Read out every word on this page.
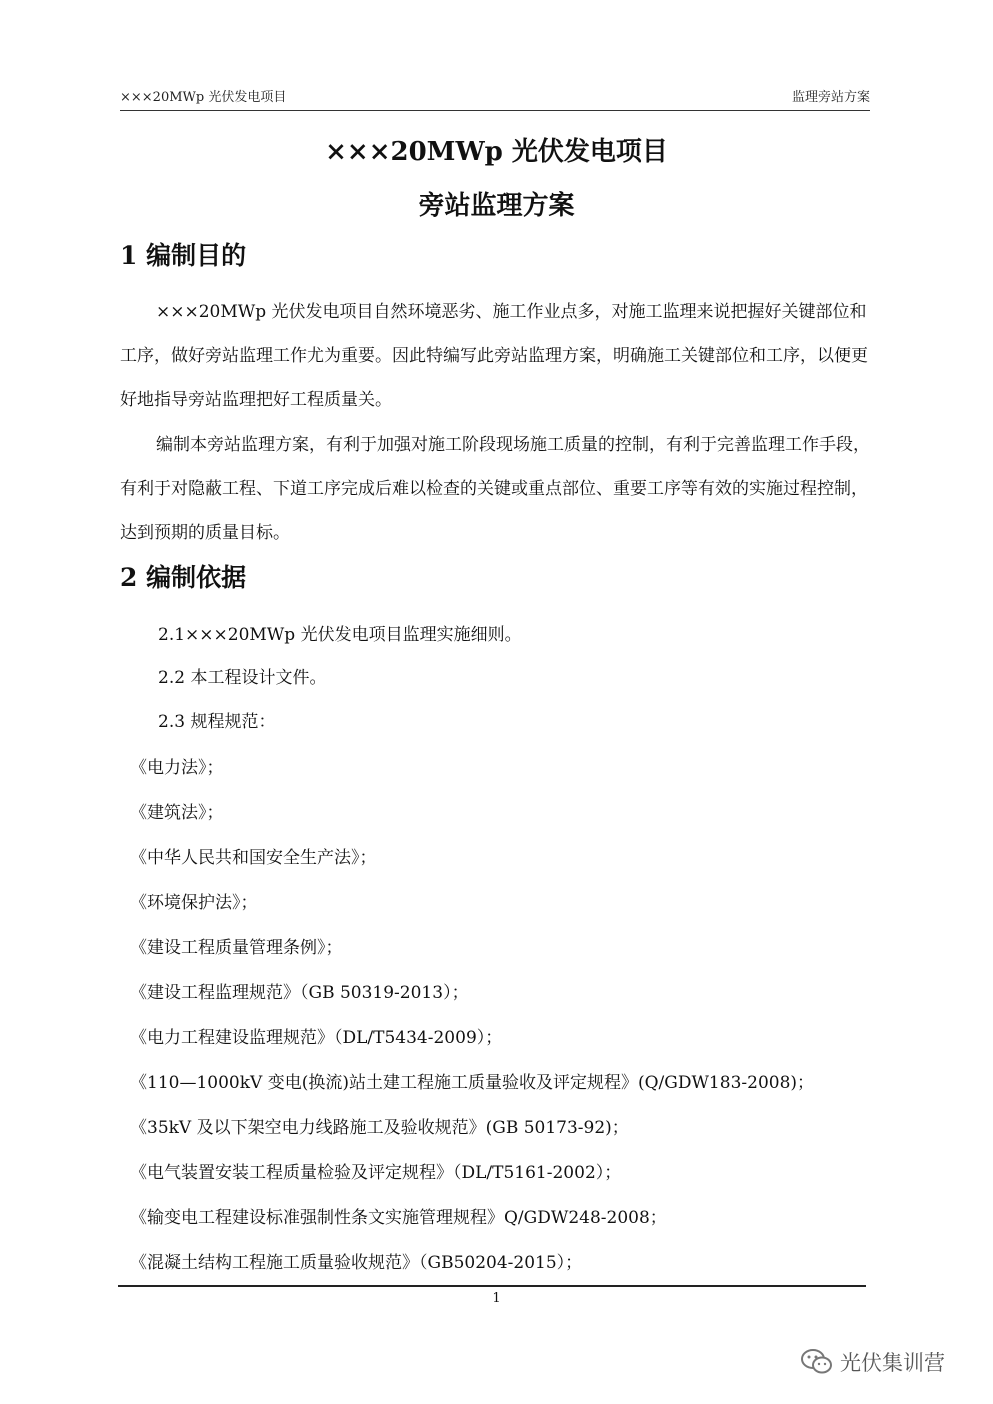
×××20MWp 光伏发电项目	监理旁站方案
×××20MWp 光伏发电项目
旁站监理方案
1 编制目的

×××20MWp 光伏发电项目自然环境恶劣、施工作业点多，对施工监理来说把握好关键部位和工序，做好旁站监理工作尤为重要。因此特编写此旁站监理方案，明确施工关键部位和工序，以便更好地指导旁站监理把好工程质量关。

编制本旁站监理方案，有利于加强对施工阶段现场施工质量的控制，有利于完善监理工作手段，有利于对隐蔽工程、下道工序完成后难以检查的关键或重点部位、重要工序等有效的实施过程控制，达到预期的质量目标。

2 编制依据
2.1×××20MWp 光伏发电项目监理实施细则。
2.2 本工程设计文件。
2.3 规程规范：
《电力法》；
《建筑法》；
《中华人民共和国安全生产法》；
《环境保护法》；
《建设工程质量管理条例》；
《建设工程监理规范》（GB 50319-2013）；
《电力工程建设监理规范》（DL/T5434-2009）；
《110—1000kV 变电(换流)站土建工程施工质量验收及评定规程》(Q/GDW183-2008)；
《35kV 及以下架空电力线路施工及验收规范》(GB 50173-92)；
《电气装置安装工程质量检验及评定规程》（DL/T5161-2002）；
《输变电工程建设标准强制性条文实施管理规程》Q/GDW248-2008；
《混凝土结构工程施工质量验收规范》（GB50204-2015）；
1
光伏集训营
